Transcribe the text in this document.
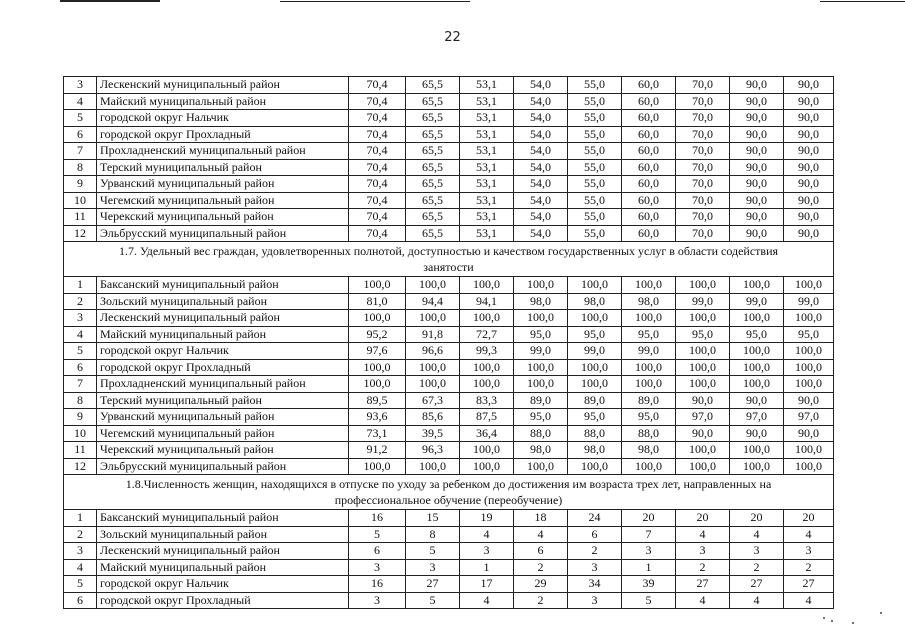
22
3	Лескенский муниципальный район	70,4	65,5	53,1	54,0	55,0	60,0	70,0	90,0	90,0
4	Майский муниципальный район	70,4	65,5	53,1	54,0	55,0	60,0	70,0	90,0	90,0
5	городской округ Нальчик	70,4	65,5	53,1	54,0	55,0	60,0	70,0	90,0	90,0
6	городской округ Прохладный	70,4	65,5	53,1	54,0	55,0	60,0	70,0	90,0	90,0
7	Прохладненский муниципальный район	70,4	65,5	53,1	54,0	55,0	60,0	70,0	90,0	90,0
8	Терский муниципальный район	70,4	65,5	53,1	54,0	55,0	60,0	70,0	90,0	90,0
9	Урванский муниципальный район	70,4	65,5	53,1	54,0	55,0	60,0	70,0	90,0	90,0
10	Чегемский муниципальный район	70,4	65,5	53,1	54,0	55,0	60,0	70,0	90,0	90,0
11	Черекский муниципальный район	70,4	65,5	53,1	54,0	55,0	60,0	70,0	90,0	90,0
12	Эльбрусский муниципальный район	70,4	65,5	53,1	54,0	55,0	60,0	70,0	90,0	90,0
1.7. Удельный вес граждан, удовлетворенных полнотой, доступностью и качеством государственных услуг в области содействия занятости										
1	Баксанский муниципальный район	100,0	100,0	100,0	100,0	100,0	100,0	100,0	100,0	100,0
2	Зольский муниципальный район	81,0	94,4	94,1	98,0	98,0	98,0	99,0	99,0	99,0
3	Лескенский муниципальный район	100,0	100,0	100,0	100,0	100,0	100,0	100,0	100,0	100,0
4	Майский муниципальный район	95,2	91,8	72,7	95,0	95,0	95,0	95,0	95,0	95,0
5	городской округ Нальчик	97,6	96,6	99,3	99,0	99,0	99,0	100,0	100,0	100,0
6	городской округ Прохладный	100,0	100,0	100,0	100,0	100,0	100,0	100,0	100,0	100,0
7	Прохладненский муниципальный район	100,0	100,0	100,0	100,0	100,0	100,0	100,0	100,0	100,0
8	Терский муниципальный район	89,5	67,3	83,3	89,0	89,0	89,0	90,0	90,0	90,0
9	Урванский муниципальный район	93,6	85,6	87,5	95,0	95,0	95,0	97,0	97,0	97,0
10	Чегемский муниципальный район	73,1	39,5	36,4	88,0	88,0	88,0	90,0	90,0	90,0
11	Черекский муниципальный район	91,2	96,3	100,0	98,0	98,0	98,0	100,0	100,0	100,0
12	Эльбрусский муниципальный район	100,0	100,0	100,0	100,0	100,0	100,0	100,0	100,0	100,0
1.8.Численность женщин, находящихся в отпуске по уходу за ребенком до достижения им возраста трех лет, направленных на профессиональное обучение (переобучение)										
1	Баксанский муниципальный район	16	15	19	18	24	20	20	20	20
2	Зольский муниципальный район	5	8	4	4	6	7	4	4	4
3	Лескенский муниципальный район	6	5	3	6	2	3	3	3	3
4	Майский муниципальный район	3	3	1	2	3	1	2	2	2
5	городской округ Нальчик	16	27	17	29	34	39	27	27	27
6	городской округ Прохладный	3	5	4	2	3	5	4	4	4
